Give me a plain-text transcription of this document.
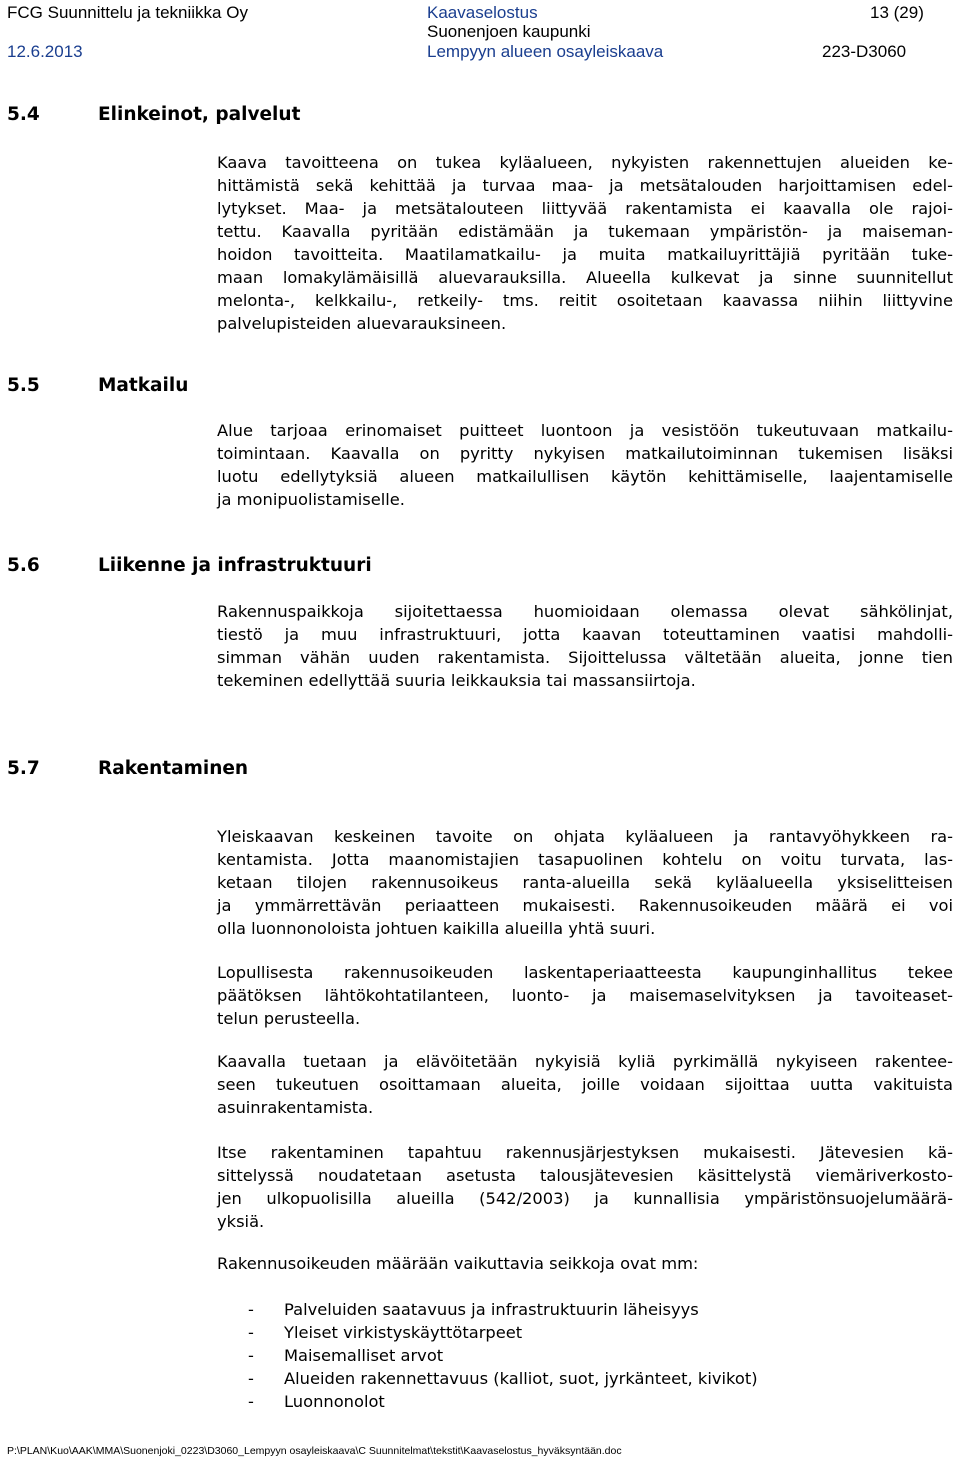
FCG Suunnittelu ja tekniikka Oy
12.6.2013
Kaavaselostus
Suonenjoen kaupunki
Lempyyn alueen osayleiskaava
13 (29)
223-D3060
5.4	Elinkeinot, palvelut
Kaava tavoitteena on tukea kyläalueen, nykyisten rakennettujen alueiden ke-
hittämistä sekä kehittää ja turvaa maa- ja metsätalouden harjoittamisen edel-
lytykset. Maa- ja metsätalouteen liittyvää rakentamista ei kaavalla ole rajoi-
tettu. Kaavalla pyritään edistämään ja tukemaan ympäristön- ja maiseman-
hoidon tavoitteita. Maatilamatkailu- ja muita matkailuyrittäjiä pyritään tuke-
maan lomakylämäisillä aluevarauksilla. Alueella kulkevat ja sinne suunnitellut
melonta-, kelkkailu-, retkeily- tms. reitit osoitetaan kaavassa niihin liittyvine
palvelupisteiden aluevarauksineen.
5.5	Matkailu
Alue tarjoaa erinomaiset puitteet luontoon ja vesistöön tukeutuvaan matkailu-
toimintaan. Kaavalla on pyritty nykyisen matkailutoiminnan tukemisen lisäksi
luotu edellytyksiä alueen matkailullisen käytön kehittämiselle, laajentamiselle
ja monipuolistamiselle.
5.6	Liikenne ja infrastruktuuri
Rakennuspaikkoja sijoitettaessa huomioidaan olemassa olevat sähkölinjat,
tiestö ja muu infrastruktuuri, jotta kaavan toteuttaminen vaatisi mahdolli-
simman vähän uuden rakentamista. Sijoittelussa vältetään alueita, jonne tien
tekeminen edellyttää suuria leikkauksia tai massansiirtoja.
5.7	Rakentaminen
Yleiskaavan keskeinen tavoite on ohjata kyläalueen ja rantavyöhykkeen ra-
kentamista. Jotta maanomistajien tasapuolinen kohtelu on voitu turvata, las-
ketaan tilojen rakennusoikeus ranta-alueilla sekä kyläalueella yksiselitteisen
ja ymmärrettävän periaatteen mukaisesti. Rakennusoikeuden määrä ei voi
olla luonnonoloista johtuen kaikilla alueilla yhtä suuri.
Lopullisesta rakennusoikeuden laskentaperiaatteesta kaupunginhallitus tekee
päätöksen lähtökohtatilanteen, luonto- ja maisemaselvityksen ja tavoiteaset-
telun perusteella.
Kaavalla tuetaan ja elävöitetään nykyisiä kyliä pyrkimällä nykyiseen rakentee-
seen tukeutuen osoittamaan alueita, joille voidaan sijoittaa uutta vakituista
asuinrakentamista.
Itse rakentaminen tapahtuu rakennusjärjestyksen mukaisesti. Jätevesien kä-
sittelyssä noudatetaan asetusta talousjätevesien käsittelystä viemäriverkosto-
jen ulkopuolisilla alueilla (542/2003) ja kunnallisia ympäristönsuojelumäärä-
yksiä.
Rakennusoikeuden määrään vaikuttavia seikkoja ovat mm:
- Palveluiden saatavuus ja infrastruktuurin läheisyys
- Yleiset virkistyskäyttötarpeet
- Maisemalliset arvot
- Alueiden rakennettavuus (kalliot, suot, jyrkänteet, kivikot)
- Luonnonolot
P:\PLAN\Kuo\AAK\MMA\Suonenjoki_0223\D3060_Lempyyn osayleiskaava\C Suunnitelmat\tekstit\Kaavaselostus_hyväksyntään.doc
